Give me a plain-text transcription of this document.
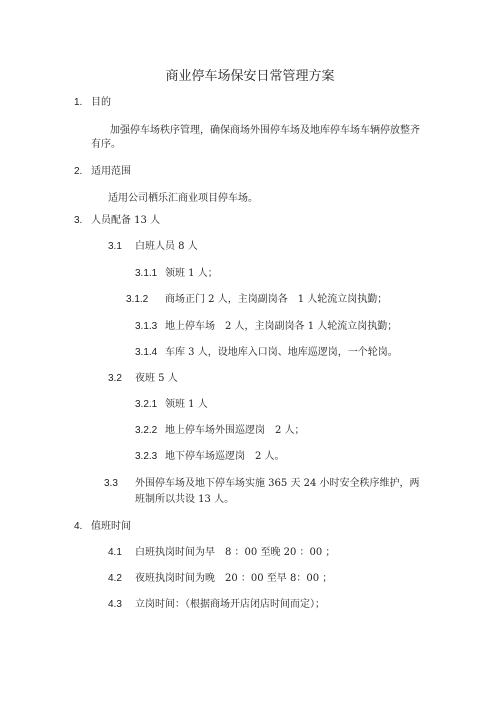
商业停车场保安日常管理方案
1. 目的
加强停车场秩序管理，确保商场外围停车场及地库停车场车辆停放整齐
有序。
2. 适用范围
适用公司栖乐汇商业项目停车场。
3. 人员配备 13 人
3.1 白班人员 8 人
3.1.1 领班 1 人；
3.1.2 商场正门 2 人，主岗副岗各　1 人轮流立岗执勤；
3.1.3 地上停车场　2 人，主岗副岗各 1 人轮流立岗执勤；
3.1.4 车库 3 人，设地库入口岗、地库巡逻岗，一个轮岗。
3.2 夜班 5 人
3.2.1 领班 1 人
3.2.2 地上停车场外围巡逻岗　2 人；
3.2.3 地下停车场巡逻岗　2 人。
3.3 外围停车场及地下停车场实施 365 天 24 小时安全秩序维护，两
班制所以共设 13 人。
4. 值班时间
4.1 白班执岗时间为早　8 ：00 至晚 20 ：00 ；
4.2 夜班执岗时间为晚　20 ：00 至早 8：00 ；
4.3 立岗时间：（根据商场开店闭店时间而定）；
